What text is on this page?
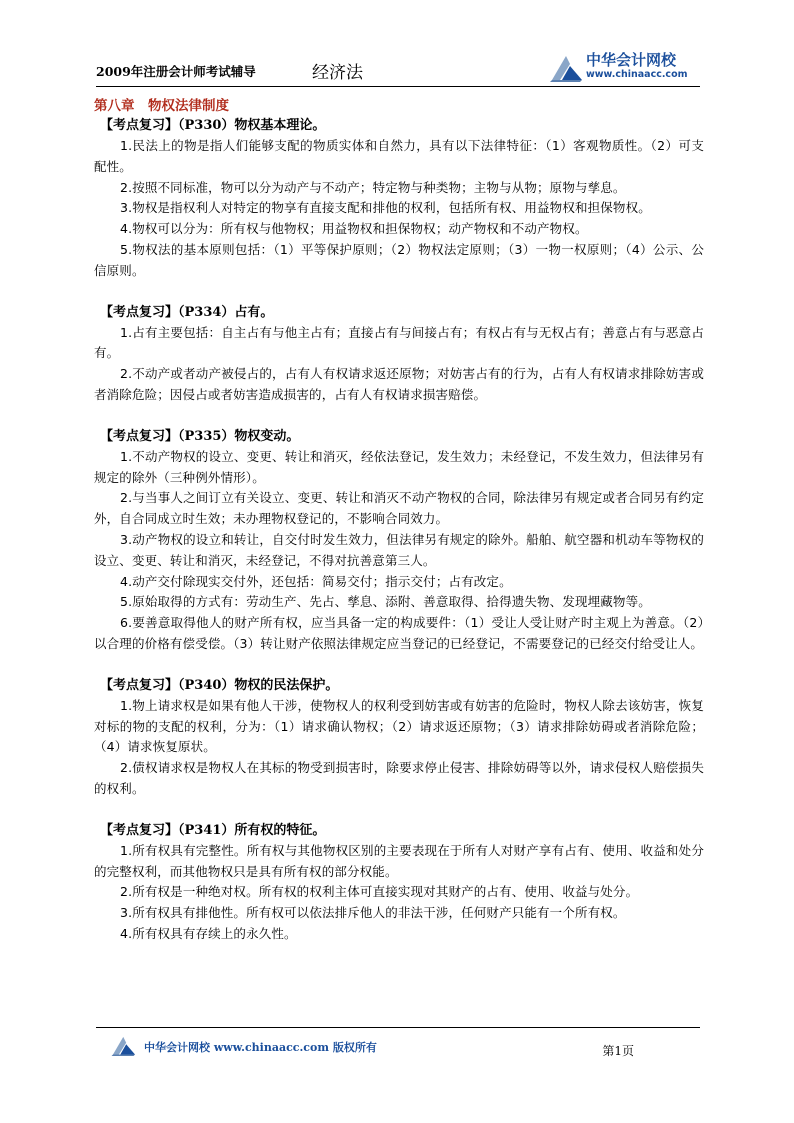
2009年注册会计师考试辅导	经济法
中华会计网校
www.chinaacc.com
第八章　物权法律制度
【考点复习】（P330）物权基本理论。

1.民法上的物是指人们能够支配的物质实体和自然力，具有以下法律特征：（1）客观物质性。（2）可支配性。

2.按照不同标准，物可以分为动产与不动产；特定物与种类物；主物与从物；原物与孳息。

3.物权是指权利人对特定的物享有直接支配和排他的权利，包括所有权、用益物权和担保物权。

4.物权可以分为：所有权与他物权；用益物权和担保物权；动产物权和不动产物权。

5.物权法的基本原则包括：（1）平等保护原则；（2）物权法定原则；（3）一物一权原则；（4）公示、公信原则。

【考点复习】（P334）占有。

1.占有主要包括：自主占有与他主占有；直接占有与间接占有；有权占有与无权占有；善意占有与恶意占有。

2.不动产或者动产被侵占的，占有人有权请求返还原物；对妨害占有的行为，占有人有权请求排除妨害或者消除危险；因侵占或者妨害造成损害的，占有人有权请求损害赔偿。

【考点复习】（P335）物权变动。

1.不动产物权的设立、变更、转让和消灭，经依法登记，发生效力；未经登记，不发生效力，但法律另有规定的除外（三种例外情形）。

2.与当事人之间订立有关设立、变更、转让和消灭不动产物权的合同，除法律另有规定或者合同另有约定外，自合同成立时生效；未办理物权登记的，不影响合同效力。

3.动产物权的设立和转让，自交付时发生效力，但法律另有规定的除外。船舶、航空器和机动车等物权的设立、变更、转让和消灭，未经登记，不得对抗善意第三人。

4.动产交付除现实交付外，还包括：简易交付；指示交付；占有改定。

5.原始取得的方式有：劳动生产、先占、孳息、添附、善意取得、拾得遗失物、发现埋藏物等。

6.要善意取得他人的财产所有权，应当具备一定的构成要件：（1）受让人受让财产时主观上为善意。（2）以合理的价格有偿受偿。（3）转让财产依照法律规定应当登记的已经登记，不需要登记的已经交付给受让人。

【考点复习】（P340）物权的民法保护。

1.物上请求权是如果有他人干涉，使物权人的权利受到妨害或有妨害的危险时，物权人除去该妨害，恢复对标的物的支配的权利，分为：（1）请求确认物权；（2）请求返还原物；（3）请求排除妨碍或者消除危险；（4）请求恢复原状。

2.债权请求权是物权人在其标的物受到损害时，除要求停止侵害、排除妨碍等以外，请求侵权人赔偿损失的权利。

【考点复习】（P341）所有权的特征。

1.所有权具有完整性。所有权与其他物权区别的主要表现在于所有人对财产享有占有、使用、收益和处分的完整权利，而其他物权只是具有所有权的部分权能。

2.所有权是一种绝对权。所有权的权利主体可直接实现对其财产的占有、使用、收益与处分。

3.所有权具有排他性。所有权可以依法排斥他人的非法干涉，任何财产只能有一个所有权。

4.所有权具有存续上的永久性。

中华会计网校 www.chinaacc.com 版权所有	第1页
